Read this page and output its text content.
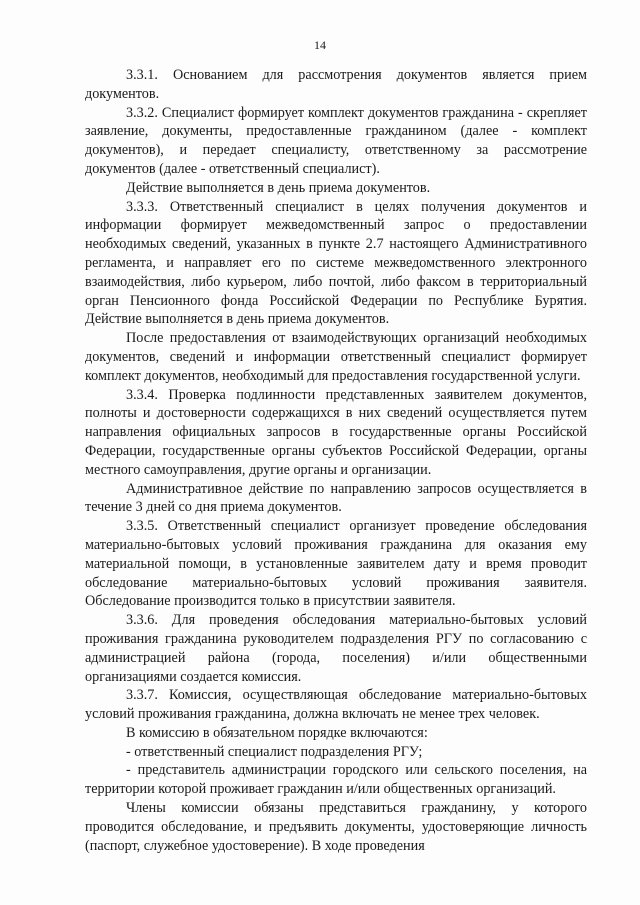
14

3.3.1. Основанием для рассмотрения документов является прием документов.

3.3.2. Специалист формирует комплект документов гражданина - скрепляет заявление, документы, предоставленные гражданином (далее - комплект документов), и передает специалисту, ответственному за рассмотрение документов (далее - ответственный специалист).

Действие выполняется в день приема документов.

3.3.3. Ответственный специалист в целях получения документов и информации формирует межведомственный запрос о предоставлении необходимых сведений, указанных в пункте 2.7 настоящего Административного регламента, и направляет его по системе межведомственного электронного взаимодействия, либо курьером, либо почтой, либо факсом в территориальный орган Пенсионного фонда Российской Федерации по Республике Бурятия. Действие выполняется в день приема документов.

После предоставления от взаимодействующих организаций необходимых документов, сведений и информации ответственный специалист формирует комплект документов, необходимый для предоставления государственной услуги.

3.3.4. Проверка подлинности представленных заявителем документов, полноты и достоверности содержащихся в них сведений осуществляется путем направления официальных запросов в государственные органы Российской Федерации, государственные органы субъектов Российской Федерации, органы местного самоуправления, другие органы и организации.

Административное действие по направлению запросов осуществляется в течение 3 дней со дня приема документов.

3.3.5. Ответственный специалист организует проведение обследования материально-бытовых условий проживания гражданина для оказания ему материальной помощи, в установленные заявителем дату и время проводит обследование материально-бытовых условий проживания заявителя. Обследование производится только в присутствии заявителя.

3.3.6. Для проведения обследования материально-бытовых условий проживания гражданина руководителем подразделения РГУ по согласованию с администрацией района (города, поселения) и/или общественными организациями создается комиссия.

3.3.7. Комиссия, осуществляющая обследование материально-бытовых условий проживания гражданина, должна включать не менее трех человек.

В комиссию в обязательном порядке включаются:

- ответственный специалист подразделения РГУ;

- представитель администрации городского или сельского поселения, на территории которой проживает гражданин и/или общественных организаций.

Члены комиссии обязаны представиться гражданину, у которого проводится обследование, и предъявить документы, удостоверяющие личность (паспорт, служебное удостоверение). В ходе проведения
